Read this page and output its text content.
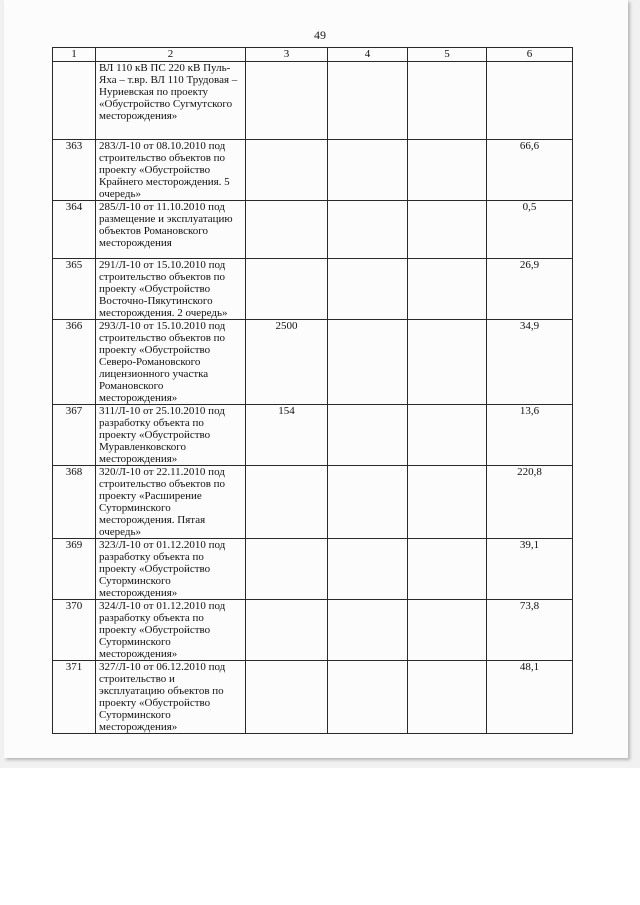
49
1	2	3	4	5	6
	ВЛ 110 кВ ПС 220 кВ Пуль-Яха – т.вр. ВЛ 110 Трудовая – Нуриевская по проекту «Обустройство Сугмутского месторождения»				
363	283/Л-10 от 08.10.2010 под строительство объектов по проекту «Обустройство Крайнего месторождения. 5 очередь»				66,6
364	285/Л-10 от 11.10.2010 под размещение и эксплуатацию объектов Романовского месторождения				0,5
365	291/Л-10 от 15.10.2010 под строительство объектов по проекту «Обустройство Восточно-Пякутинского месторождения. 2 очередь»				26,9
366	293/Л-10 от 15.10.2010 под строительство объектов по проекту «Обустройство Северо-Романовского лицензионного участка Романовского месторождения»	2500			34,9
367	311/Л-10 от 25.10.2010 под разработку объекта по проекту «Обустройство Муравленковского месторождения»	154			13,6
368	320/Л-10 от 22.11.2010 под строительство объектов по проекту «Расширение Суторминского месторождения. Пятая очередь»				220,8
369	323/Л-10 от 01.12.2010 под разработку объекта по проекту «Обустройство Суторминского месторождения»				39,1
370	324/Л-10 от 01.12.2010 под разработку объекта по проекту «Обустройство Суторминского месторождения»				73,8
371	327/Л-10 от 06.12.2010 под строительство и эксплуатацию объектов по проекту «Обустройство Суторминского месторождения»				48,1
